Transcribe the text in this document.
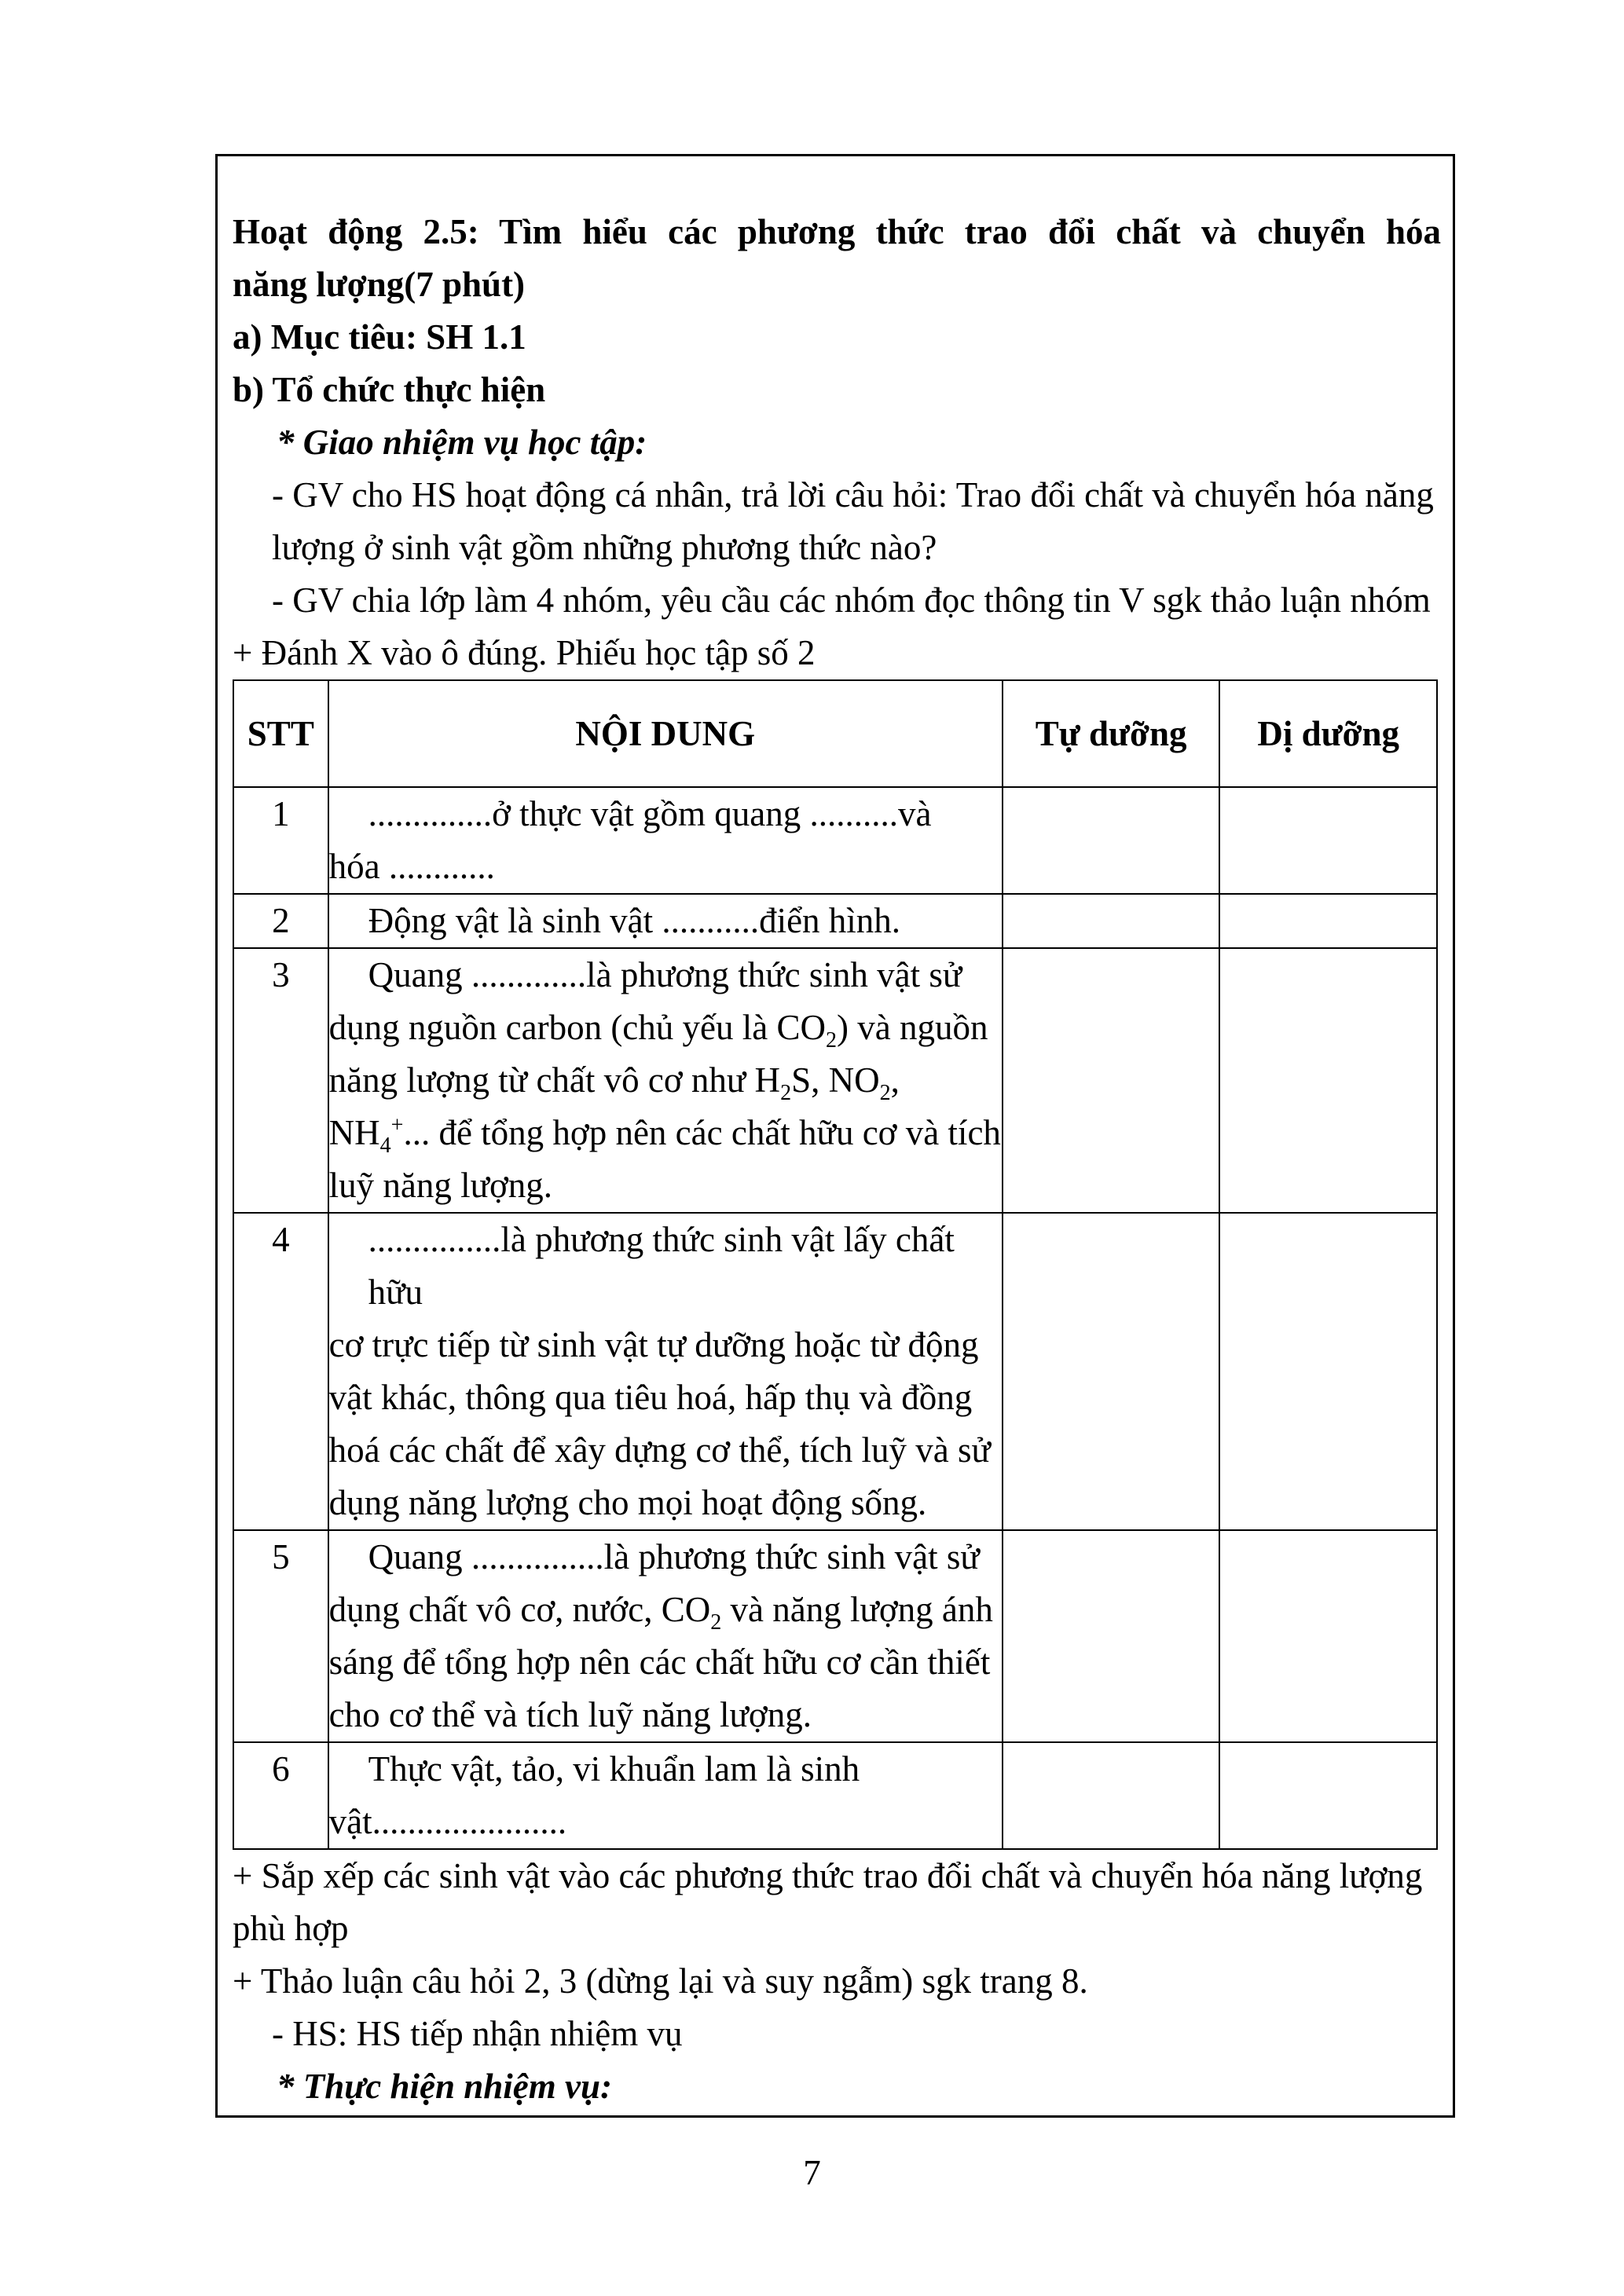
Hoạt động 2.5: Tìm hiểu các phương thức trao đổi chất và chuyển hóa

năng lượng(7 phút)

a) Mục tiêu: SH 1.1

b) Tổ chức thực hiện

* Giao nhiệm vụ học tập:

- GV cho HS hoạt động cá nhân, trả lời câu hỏi: Trao đổi chất và chuyển hóa năng lượng ở sinh vật gồm những phương thức nào?

- GV chia lớp làm 4 nhóm, yêu cầu các nhóm đọc thông tin V sgk thảo luận nhóm

+ Đánh X vào ô đúng. Phiếu học tập số 2

STT	NỘI DUNG	Tự dưỡng	Dị dưỡng
1	..............ở thực vật gồm quang ..........và
hóa ............		

2	Động vật là sinh vật ...........điển hình.		

3	Quang .............là phương thức sinh vật sử
dụng nguồn carbon (chủ yếu là $CO_2$) và nguồn năng lượng từ chất vô cơ như $H_2S$, $NO_2$, $NH_4^+$... để tổng hợp nên các chất hữu cơ và tích luỹ năng lượng.		

4	...............là phương thức sinh vật lấy chất hữu
cơ trực tiếp từ sinh vật tự dưỡng hoặc từ động vật khác, thông qua tiêu hoá, hấp thụ và đồng hoá các chất để xây dựng cơ thể, tích luỹ và sử dụng năng lượng cho mọi hoạt động sống.		

5	Quang ...............là phương thức sinh vật sử
dụng chất vô cơ, nước, $CO_2$ và năng lượng ánh sáng để tổng hợp nên các chất hữu cơ cần thiết cho cơ thể và tích luỹ năng lượng.		

6	Thực vật, tảo, vi khuẩn lam là sinh
vật......................		

+ Sắp xếp các sinh vật vào các phương thức trao đổi chất và chuyển hóa năng lượng phù hợp

+ Thảo luận câu hỏi 2, 3 (dừng lại và suy ngẫm) sgk trang 8.

- HS: HS tiếp nhận nhiệm vụ

* Thực hiện nhiệm vụ:

7
